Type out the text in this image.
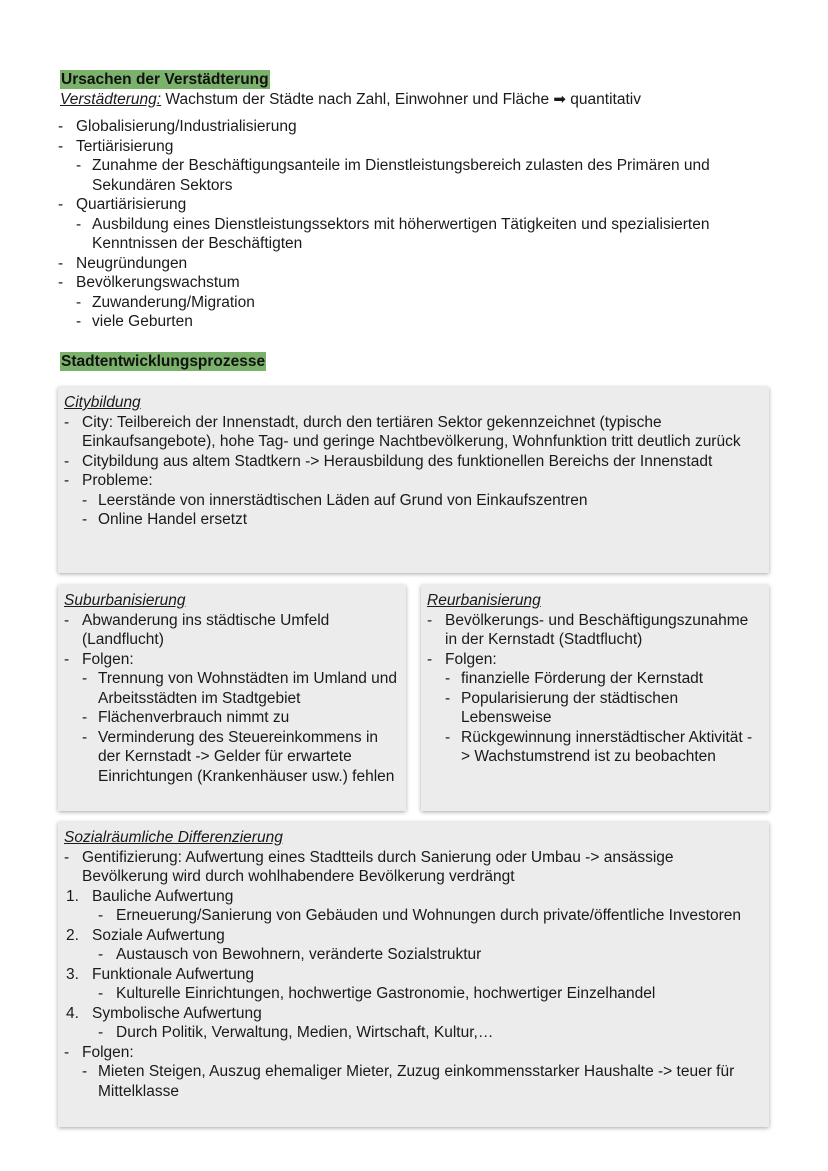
Ursachen der Verstädterung
Verstädterung: Wachstum der Städte nach Zahl, Einwohner und Fläche ➡ quantitativ
- Globalisierung/Industrialisierung
- Tertiärisierung
- Zunahme der Beschäftigungsanteile im Dienstleistungsbereich zulasten des Primären und Sekundären Sektors
- Quartiärisierung
- Ausbildung eines Dienstleistungssektors mit höherwertigen Tätigkeiten und spezialisierten Kenntnissen der Beschäftigten
- Neugründungen
- Bevölkerungswachstum
- Zuwanderung/Migration
- viele Geburten
Stadtentwicklungsprozesse
Citybildung
- City: Teilbereich der Innenstadt, durch den tertiären Sektor gekennzeichnet (typische Einkaufsangebote), hohe Tag- und geringe Nachtbevölkerung, Wohnfunktion tritt deutlich zurück
- Citybildung aus altem Stadtkern -> Herausbildung des funktionellen Bereichs der Innenstadt
- Probleme:
- Leerstände von innerstädtischen Läden auf Grund von Einkaufszentren
- Online Handel ersetzt
Suburbanisierung
- Abwanderung ins städtische Umfeld (Landflucht)
- Folgen:
- Trennung von Wohnstädten im Umland und Arbeitsstädten im Stadtgebiet
- Flächenverbrauch nimmt zu
- Verminderung des Steuereinkommens in der Kernstadt -> Gelder für erwartete Einrichtungen (Krankenhäuser usw.) fehlen
Reurbanisierung
- Bevölkerungs- und Beschäftigungszunahme in der Kernstadt (Stadtflucht)
- Folgen:
- finanzielle Förderung der Kernstadt
- Popularisierung der städtischen Lebensweise
- Rückgewinnung innerstädtischer Aktivität -> Wachstumstrend ist zu beobachten
Sozialräumliche Differenzierung
- Gentifizierung: Aufwertung eines Stadtteils durch Sanierung oder Umbau -> ansässige Bevölkerung wird durch wohlhabendere Bevölkerung verdrängt
1. Bauliche Aufwertung
- Erneuerung/Sanierung von Gebäuden und Wohnungen durch private/öffentliche Investoren
2. Soziale Aufwertung
- Austausch von Bewohnern, veränderte Sozialstruktur
3. Funktionale Aufwertung
- Kulturelle Einrichtungen, hochwertige Gastronomie, hochwertiger Einzelhandel
4. Symbolische Aufwertung
- Durch Politik, Verwaltung, Medien, Wirtschaft, Kultur,…
- Folgen:
- Mieten Steigen, Auszug ehemaliger Mieter, Zuzug einkommensstarker Haushalte -> teuer für Mittelklasse
